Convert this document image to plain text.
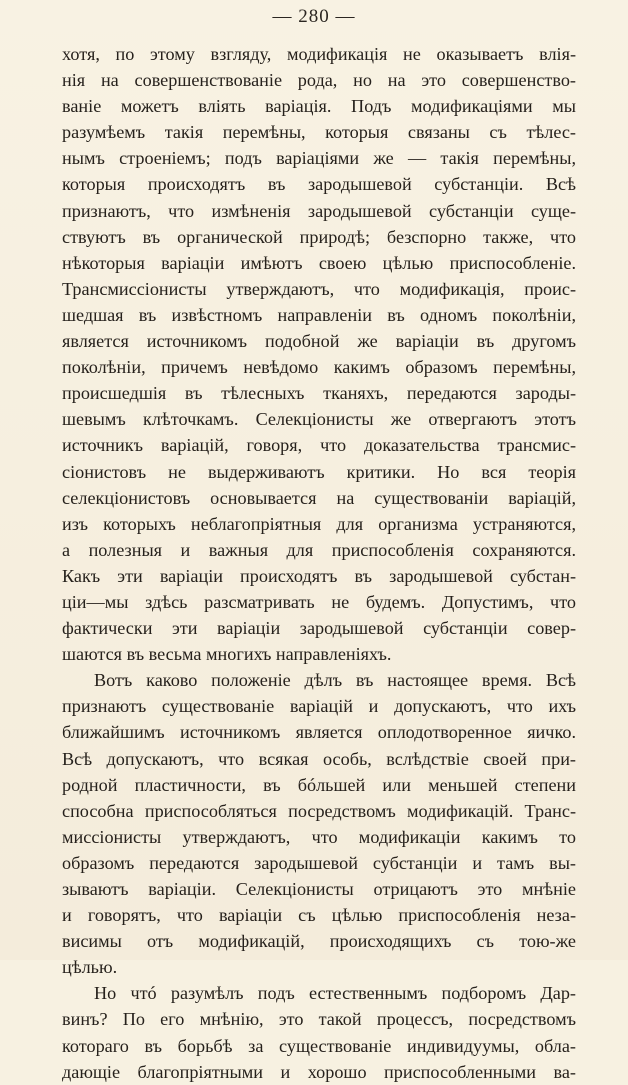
— 280 —
хотя, по этому взгляду, модификацiя не оказываетъ влiя-
нiя на совершенствованiе рода, но на это совершенство-
ванiе можетъ влiять варiацiя. Подъ модификацiями мы
разумѣемъ такiя перемѣны, которыя связаны съ тѣлес-
нымъ строенiемъ; подъ варiацiями же — такiя перемѣны,
которыя происходятъ въ зародышевой субстанцiи. Всѣ
признаютъ, что измѣненiя зародышевой субстанцiи суще-
ствуютъ въ органической природѣ; безспорно также, что
нѣкоторыя варiацiи имѣютъ своею цѣлью приспособленiе.
Трансмиссiонисты утверждаютъ, что модификацiя, проис-
шедшая въ извѣстномъ направленiи въ одномъ поколѣнiи,
является источникомъ подобной же варiацiи въ другомъ
поколѣнiи, причемъ невѣдомо какимъ образомъ перемѣны,
происшедшiя въ тѣлесныхъ тканяхъ, передаются зароды-
шевымъ клѣточкамъ. Селекцiонисты же отвергаютъ этотъ
источникъ варiацiй, говоря, что доказательства трансмис-
сiонистовъ не выдерживаютъ критики. Но вся теорiя
селекцiонистовъ основывается на существованiи варiацiй,
изъ которыхъ неблагопрiятныя для организма устраняются,
а полезныя и важныя для приспособленiя сохраняются.
Какъ эти варiацiи происходятъ въ зародышевой субстан-
цiи—мы здѣсь разсматривать не будемъ. Допустимъ, что
фактически эти варiацiи зародышевой субстанцiи совер-
шаются въ весьма многихъ направленiяхъ.
Вотъ каково положенiе дѣлъ въ настоящее время. Всѣ
признаютъ существованiе варiацiй и допускаютъ, что ихъ
ближайшимъ источникомъ является оплодотворенное яичко.
Всѣ допускаютъ, что всякая особь, вслѣдствiе своей при-
родной пластичности, въ бóльшей или меньшей степени
способна приспособляться посредствомъ модификацiй. Транс-
миссiонисты утверждаютъ, что модификацiи какимъ то
образомъ передаются зародышевой субстанцiи и тамъ вы-
зываютъ варiацiи. Селекцiонисты отрицаютъ это мнѣнiе
и говорятъ, что варiацiи съ цѣлью приспособленiя неза-
висимы отъ модификацiй, происходящихъ съ тою-же
цѣлью.
Но чтó разумѣлъ подъ естественнымъ подборомъ Дар-
винъ? По его мнѣнiю, это такой процессъ, посредствомъ
котораго въ борьбѣ за существованiе индивидуумы, обла-
дающiе благопрiятными и хорошо приспособленными ва-
